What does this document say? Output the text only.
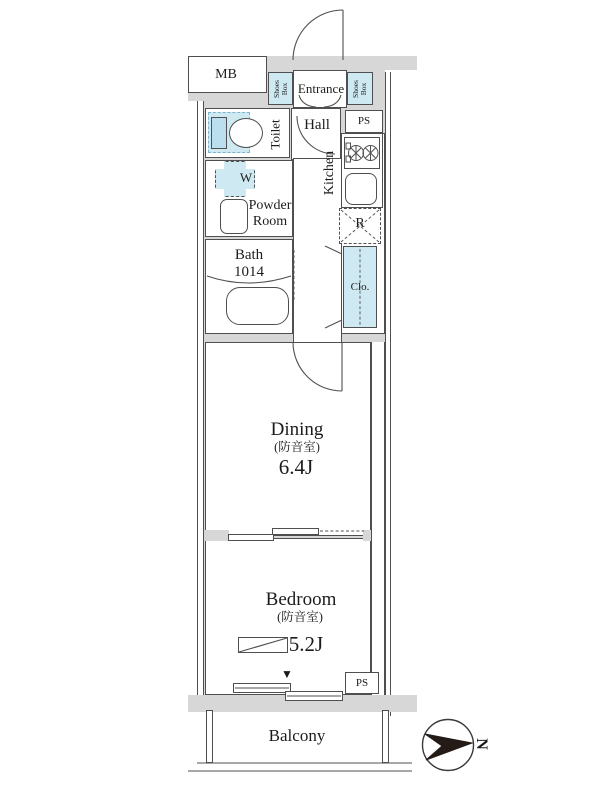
MB
Entrance
Shoes
Box	Shoes
Box
PS
Toilet Hall
Kitchen
R
Clo.
W
Powder
Room
Bath
1014
Dining
(防音室)
6.4J
Bedroom
(防音室)
5.2J
PS
▼
Balcony	N
